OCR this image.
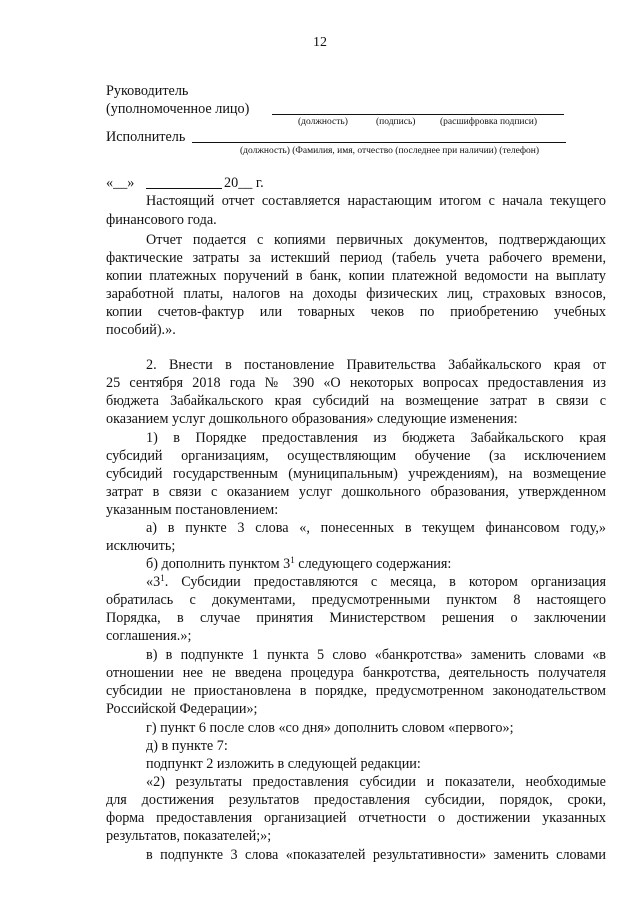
12
Руководитель
(уполномоченное лицо)
(должность)	(подпись)	(расшифровка подписи)
Исполнитель
(должность) (Фамилия, имя, отчество (последнее при наличии) (телефон)
«__»	20__ г.
Настоящий отчет составляется нарастающим итогом с начала текущего
финансового года.
Отчет подается с копиями первичных документов, подтверждающих
фактические затраты за истекший период (табель учета рабочего времени,
копии платежных поручений в банк, копии платежной ведомости на выплату
заработной платы, налогов на доходы физических лиц, страховых взносов,
копии счетов-фактур или товарных чеков по приобретению учебных
пособий).».
2. Внести в постановление Правительства Забайкальского края от
25 сентября 2018 года № 390 «О некоторых вопросах предоставления из
бюджета Забайкальского края субсидий на возмещение затрат в связи с
оказанием услуг дошкольного образования» следующие изменения:
1) в Порядке предоставления из бюджета Забайкальского края
субсидий организациям, осуществляющим обучение (за исключением
субсидий государственным (муниципальным) учреждениям), на возмещение
затрат в связи с оказанием услуг дошкольного образования, утвержденном
указанным постановлением:
а) в пункте 3 слова «, понесенных в текущем финансовом году,»
исключить;
б) дополнить пунктом $3^1$ следующего содержания:
«$3^1$. Субсидии предоставляются с месяца, в котором организация
обратилась с документами, предусмотренными пунктом 8 настоящего
Порядка, в случае принятия Министерством решения о заключении
соглашения.»;
в) в подпункте 1 пункта 5 слово «банкротства» заменить словами «в
отношении нее не введена процедура банкротства, деятельность получателя
субсидии не приостановлена в порядке, предусмотренном законодательством
Российской Федерации»;
г) пункт 6 после слов «со дня» дополнить словом «первого»;
д) в пункте 7:
подпункт 2 изложить в следующей редакции:
«2) результаты предоставления субсидии и показатели, необходимые
для достижения результатов предоставления субсидии, порядок, сроки,
форма предоставления организацией отчетности о достижении указанных
результатов, показателей;»;
в подпункте 3 слова «показателей результативности» заменить словами
